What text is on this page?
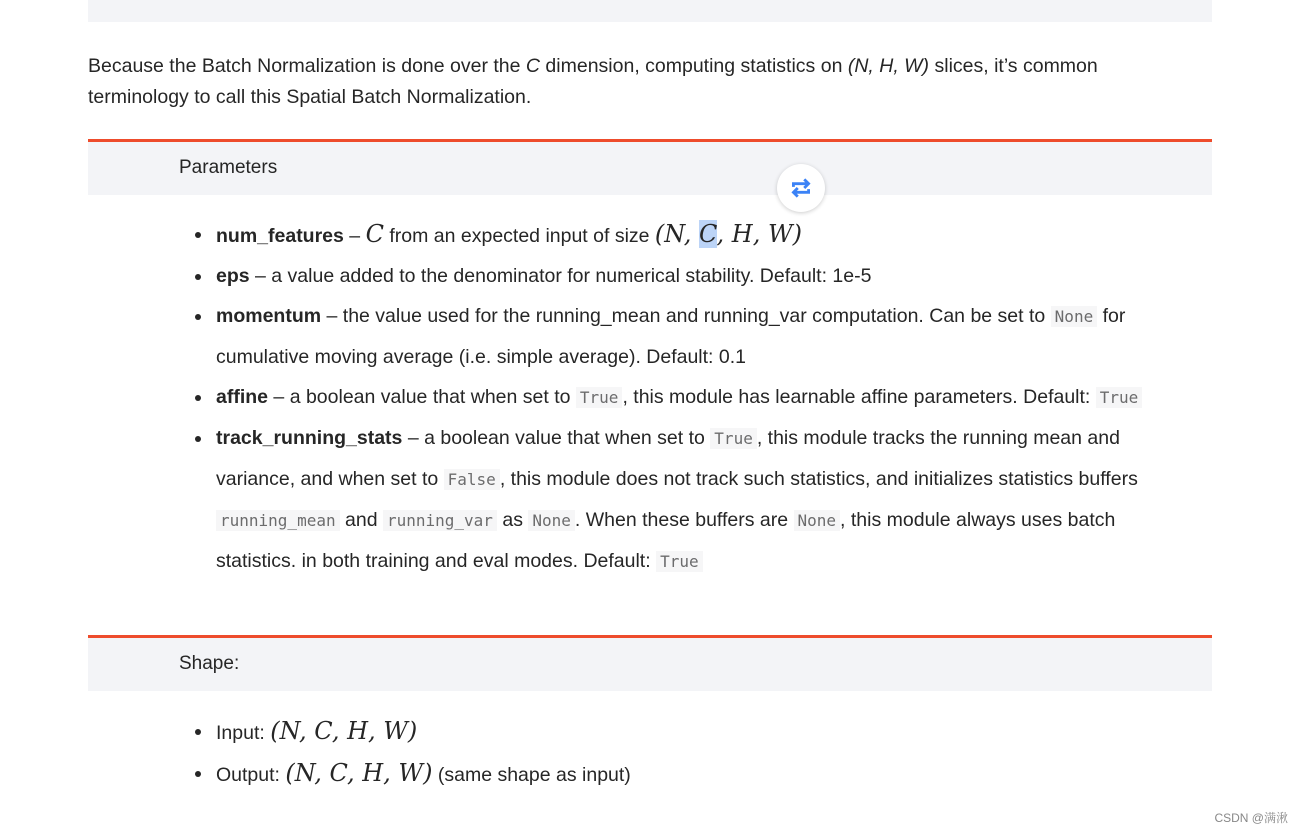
Because the Batch Normalization is done over the C dimension, computing statistics on (N, H, W) slices, it’s common terminology to call this Spatial Batch Normalization.

Parameters
num_features – C from an expected input of size (N, C, H, W)
eps – a value added to the denominator for numerical stability. Default: 1e-5
momentum – the value used for the running_mean and running_var computation. Can be set to None for cumulative moving average (i.e. simple average). Default: 0.1
affine – a boolean value that when set to True , this module has learnable affine parameters. Default: True
track_running_stats – a boolean value that when set to True , this module tracks the running mean and variance, and when set to False , this module does not track such statistics, and initializes statistics buffers running_mean and running_var as None . When these buffers are None , this module always uses batch statistics. in both training and eval modes. Default: True
Shape:
Input: (N, C, H, W)
Output: (N, C, H, W) (same shape as input)
CSDN @满湫
